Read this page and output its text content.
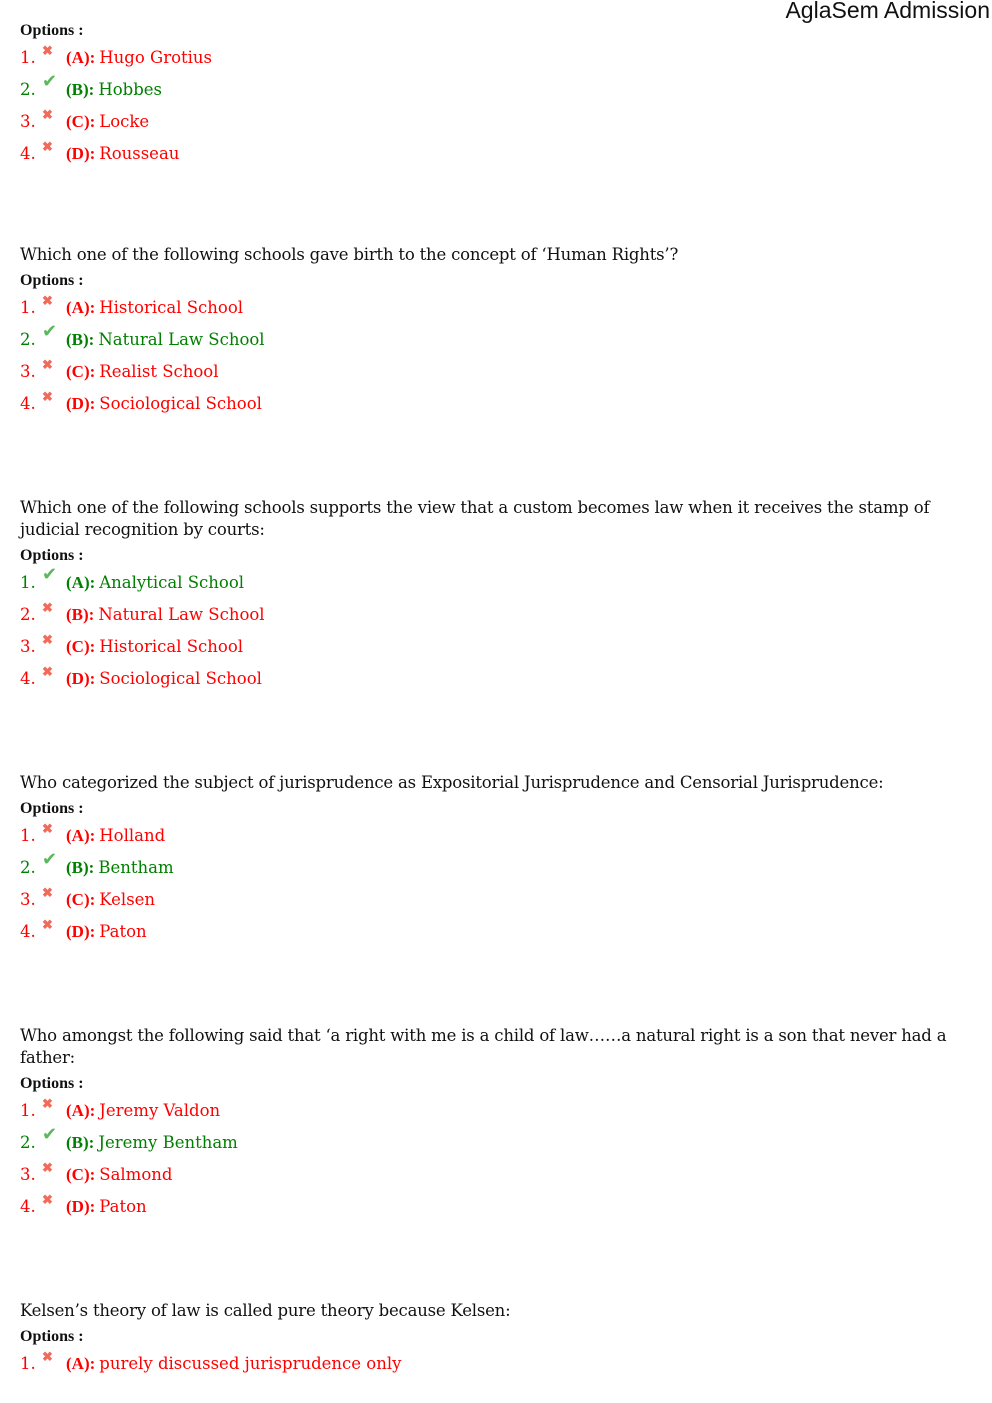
AglaSem Admission
Options :
1. ✖ (A): Hugo Grotius
2. ✔ (B): Hobbes
3. ✖ (C): Locke
4. ✖ (D): Rousseau
Which one of the following schools gave birth to the concept of ‘Human Rights’?
Options :
1. ✖ (A): Historical School
2. ✔ (B): Natural Law School
3. ✖ (C): Realist School
4. ✖ (D): Sociological School
Which one of the following schools supports the view that a custom becomes law when it receives the stamp of judicial recognition by courts:
Options :
1. ✔ (A): Analytical School
2. ✖ (B): Natural Law School
3. ✖ (C): Historical School
4. ✖ (D): Sociological School
Who categorized the subject of jurisprudence as Expositorial Jurisprudence and Censorial Jurisprudence:
Options :
1. ✖ (A): Holland
2. ✔ (B): Bentham
3. ✖ (C): Kelsen
4. ✖ (D): Paton
Who amongst the following said that ‘a right with me is a child of law……a natural right is a son that never had a father:
Options :
1. ✖ (A): Jeremy Valdon
2. ✔ (B): Jeremy Bentham
3. ✖ (C): Salmond
4. ✖ (D): Paton
Kelsen’s theory of law is called pure theory because Kelsen:
Options :
1. ✖ (A): purely discussed jurisprudence only
